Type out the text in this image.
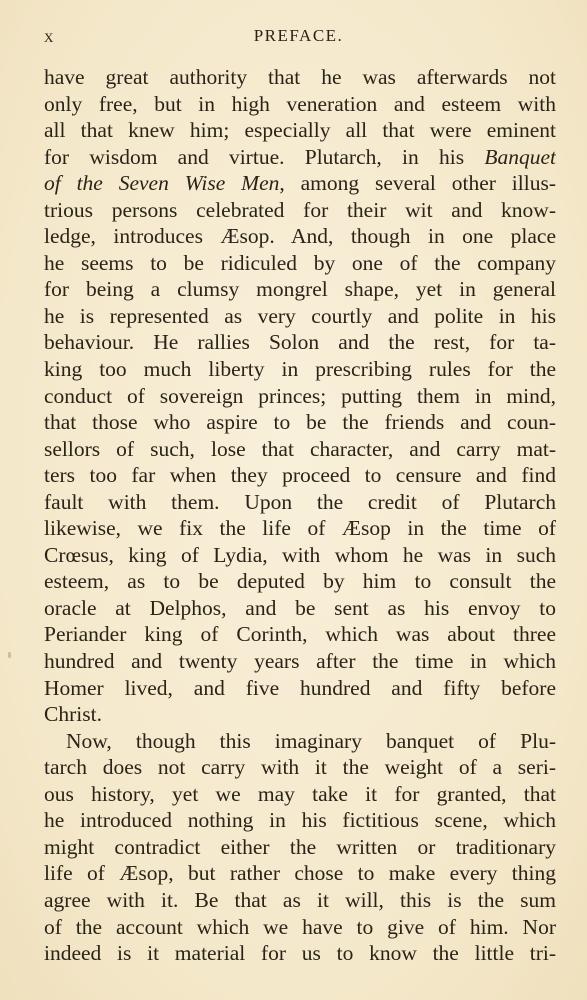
x	PREFACE.
have great authority that he was afterwards not
only free, but in high veneration and esteem with
all that knew him; especially all that were eminent
for wisdom and virtue. Plutarch, in his Banquet
of the Seven Wise Men, among several other illus-
trious persons celebrated for their wit and know-
ledge, introduces Æsop. And, though in one place
he seems to be ridiculed by one of the company
for being a clumsy mongrel shape, yet in general
he is represented as very courtly and polite in his
behaviour. He rallies Solon and the rest, for ta-
king too much liberty in prescribing rules for the
conduct of sovereign princes; putting them in mind,
that those who aspire to be the friends and coun-
sellors of such, lose that character, and carry mat-
ters too far when they proceed to censure and find
fault with them. Upon the credit of Plutarch
likewise, we fix the life of Æsop in the time of
Crœsus, king of Lydia, with whom he was in such
esteem, as to be deputed by him to consult the
oracle at Delphos, and be sent as his envoy to
Periander king of Corinth, which was about three
hundred and twenty years after the time in which
Homer lived, and five hundred and fifty before
Christ.
Now, though this imaginary banquet of Plu-
tarch does not carry with it the weight of a seri-
ous history, yet we may take it for granted, that
he introduced nothing in his fictitious scene, which
might contradict either the written or traditionary
life of Æsop, but rather chose to make every thing
agree with it. Be that as it will, this is the sum
of the account which we have to give of him. Nor
indeed is it material for us to know the little tri-
